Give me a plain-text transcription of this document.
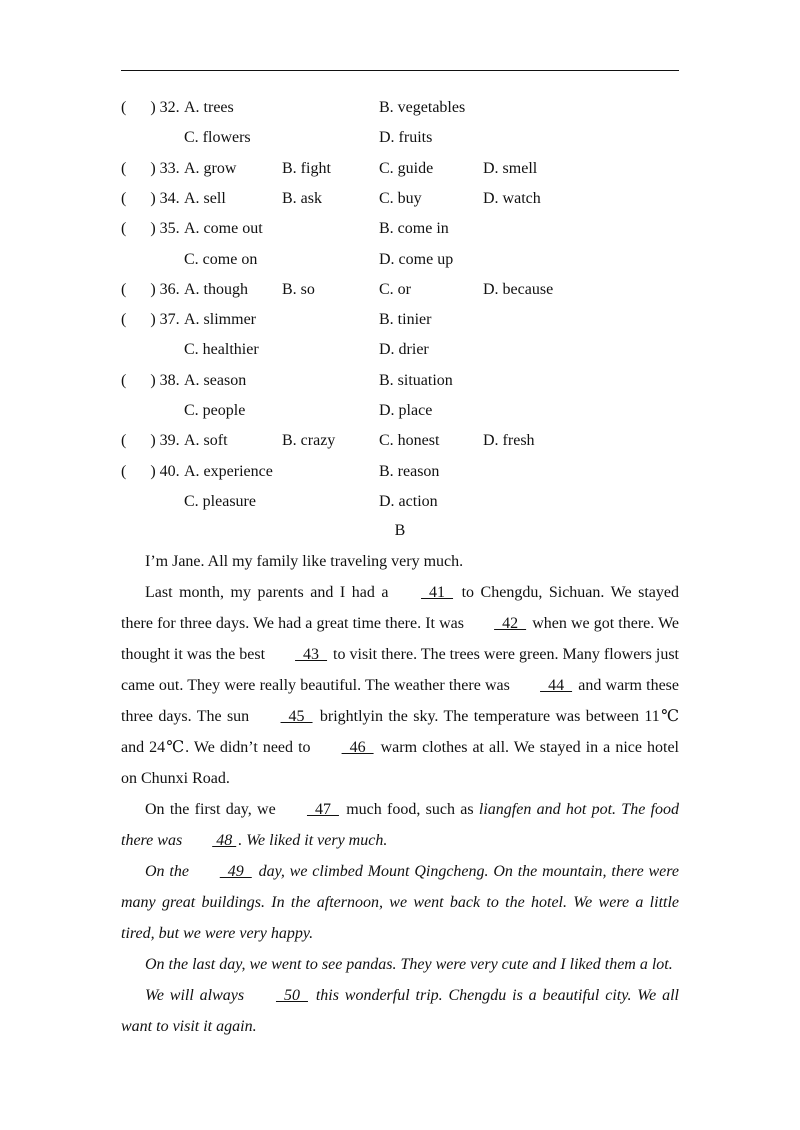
(      ) 32. A. trees	B. vegetables
C. flowers	D. fruits
(      ) 33. A. grow	B. fight	C. guide	D. smell
(      ) 34. A. sell	B. ask	C. buy	D. watch
(      ) 35. A. come out	B. come in
C. come on	D. come up
(      ) 36. A. though B. so	C. or	D. because
(      ) 37. A. slimmer	B. tinier
C. healthier	D. drier
(      ) 38. A. season	B. situation
C. people	D. place
(      ) 39. A. soft	B. crazy	C. honest	D. fresh
(      ) 40. A. experience	B. reason
C. pleasure	D. action
B

I’m Jane. All my family like traveling very much.

Last month, my parents and I had a   41   to Chengdu, Sichuan. We stayed there for three days. We had a great time there. It was   42   when we got there. We thought it was the best   43   to visit there. The trees were green. Many flowers just came out. They were really beautiful. The weather there was   44   and warm these three days. The sun   45   brightlyin the sky. The temperature was between 11℃ and 24℃. We didn’t need to   46   warm clothes at all. We stayed in a nice hotel on Chunxi Road.

On the first day, we   47   much food, such as liangfen and hot pot. The food there was  48 . We liked it very much.

On the   49   day, we climbed Mount Qingcheng. On the mountain, there were many great buildings. In the afternoon, we went back to the hotel. We were a little tired, but we were very happy.

On the last day, we went to see pandas. They were very cute and I liked them a lot.

We will always   50   this wonderful trip. Chengdu is a beautiful city. We all want to visit it again.
